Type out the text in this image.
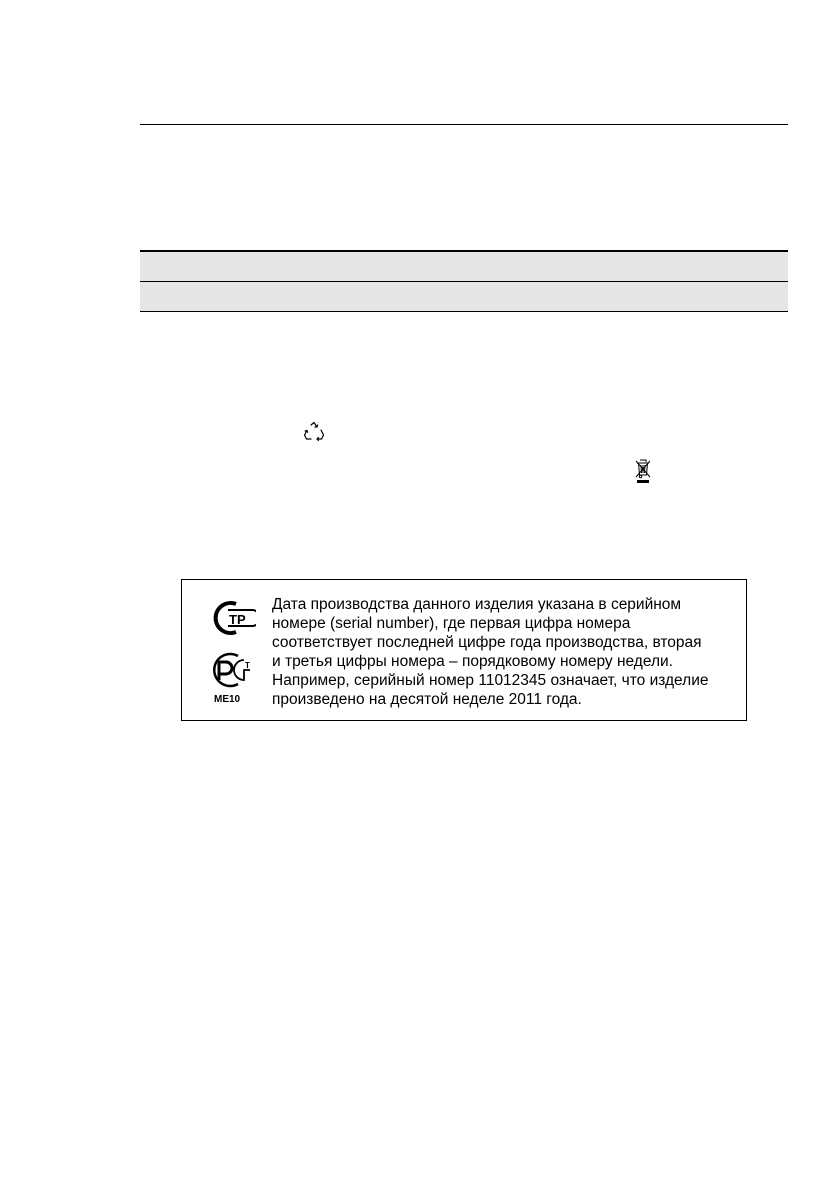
ТР
Т
ME10

Дата производства данного изделия указана в серийном
номере (serial number), где первая цифра номера
соответствует последней цифре года производства, вторая
и третья цифры номера – порядковому номеру недели.
Например, серийный номер 11012345 означает, что изделие
произведено на десятой неделе 2011 года.
